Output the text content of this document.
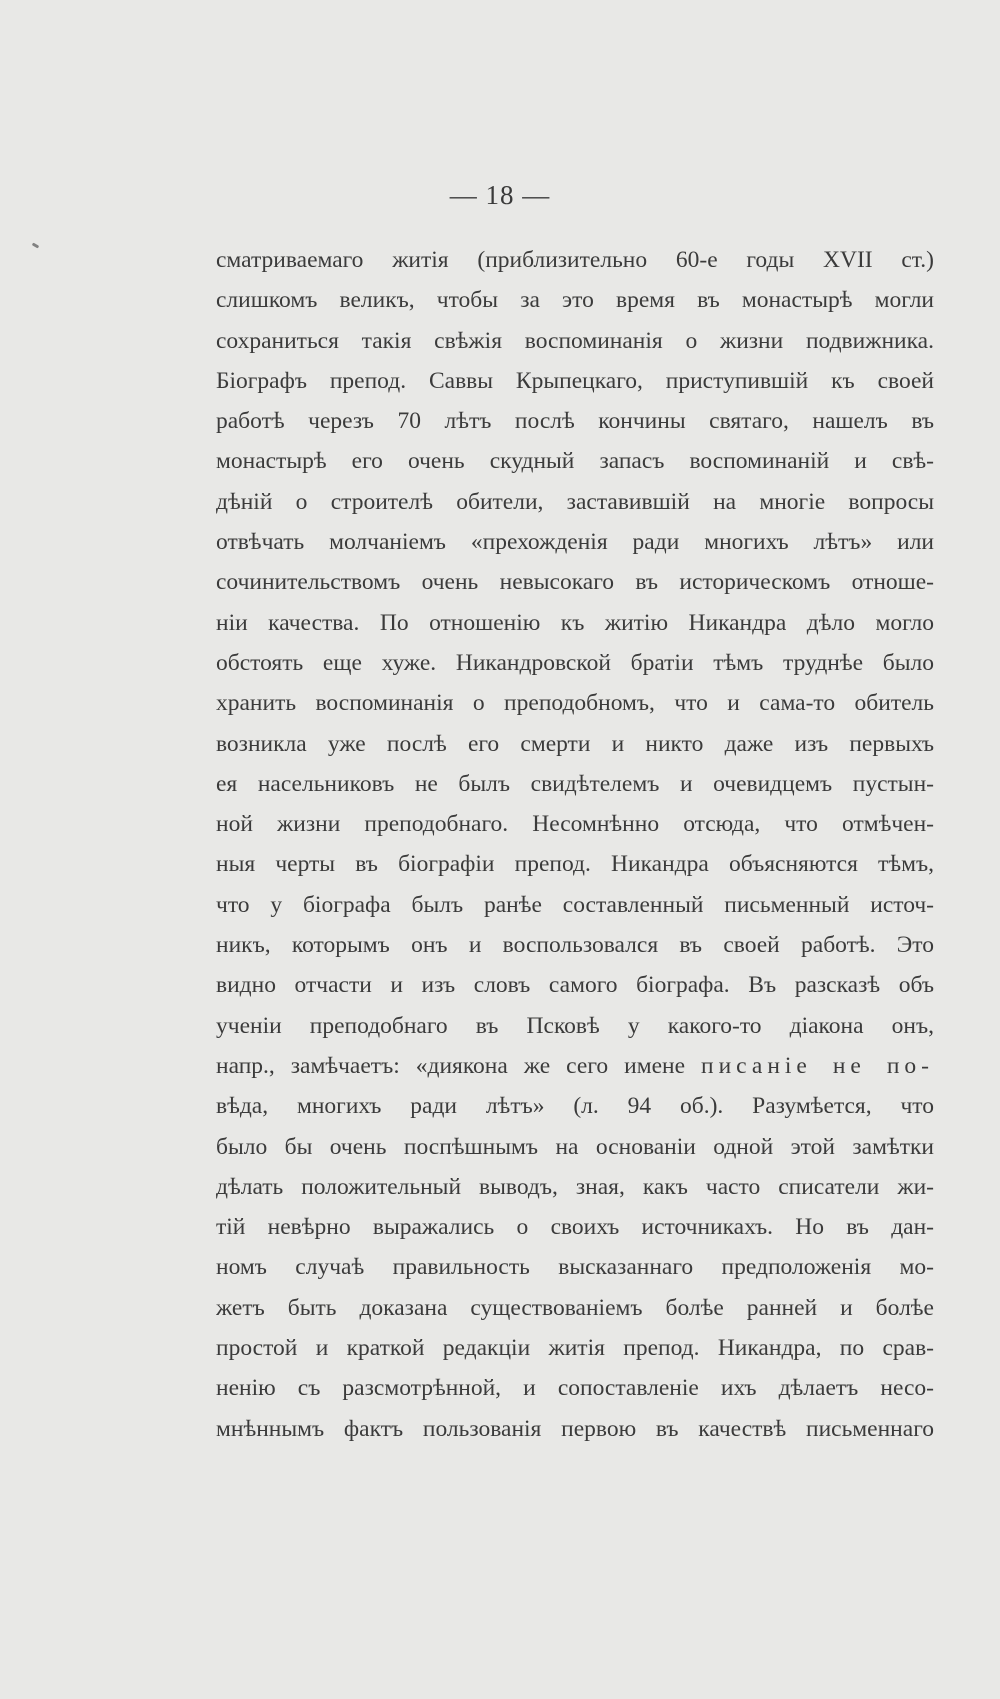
— 18 —
сматриваемаго житія (приблизительно 60-е годы XVII ст.)
слишкомъ великъ, чтобы за это время въ монастырѣ могли
сохраниться такія свѣжія воспоминанія о жизни подвижника.
Біографъ препод. Саввы Крыпецкаго, приступившій къ своей
работѣ черезъ 70 лѣтъ послѣ кончины святаго, нашелъ въ
монастырѣ его очень скудный запасъ воспоминаній и свѣ-
дѣній о строителѣ обители, заставившій на многіе вопросы
отвѣчать молчаніемъ «прехожденія ради многихъ лѣтъ» или
сочинительствомъ очень невысокаго въ историческомъ отноше-
ніи качества. По отношенію къ житію Никандра дѣло могло
обстоять еще хуже. Никандровской братіи тѣмъ труднѣе было
хранить воспоминанія о преподобномъ, что и сама-то обитель
возникла уже послѣ его смерти и никто даже изъ первыхъ
ея насельниковъ не былъ свидѣтелемъ и очевидцемъ пустын-
ной жизни преподобнаго. Несомнѣнно отсюда, что отмѣчен-
ныя черты въ біографіи препод. Никандра объясняются тѣмъ,
что у біографа былъ ранѣе составленный письменный источ-
никъ, которымъ онъ и воспользовался въ своей работѣ. Это
видно отчасти и изъ словъ самого біографа. Въ разсказѣ объ
ученіи преподобнаго въ Псковѣ у какого-то діакона онъ,
напр., замѣчаетъ: «диякона же сего имене писаніе не по-
вѣда, многихъ ради лѣтъ» (л. 94 об.). Разумѣется, что
было бы очень поспѣшнымъ на основаніи одной этой замѣтки
дѣлать положительный выводъ, зная, какъ часто списатели жи-
тій невѣрно выражались о своихъ источникахъ. Но въ дан-
номъ случаѣ правильность высказаннаго предположенія мо-
жетъ быть доказана существованіемъ болѣе ранней и болѣе
простой и краткой редакціи житія препод. Никандра, по срав-
ненію съ разсмотрѣнной, и сопоставленіе ихъ дѣлаетъ несо-
мнѣннымъ фактъ пользованія первою въ качествѣ письменнаго
